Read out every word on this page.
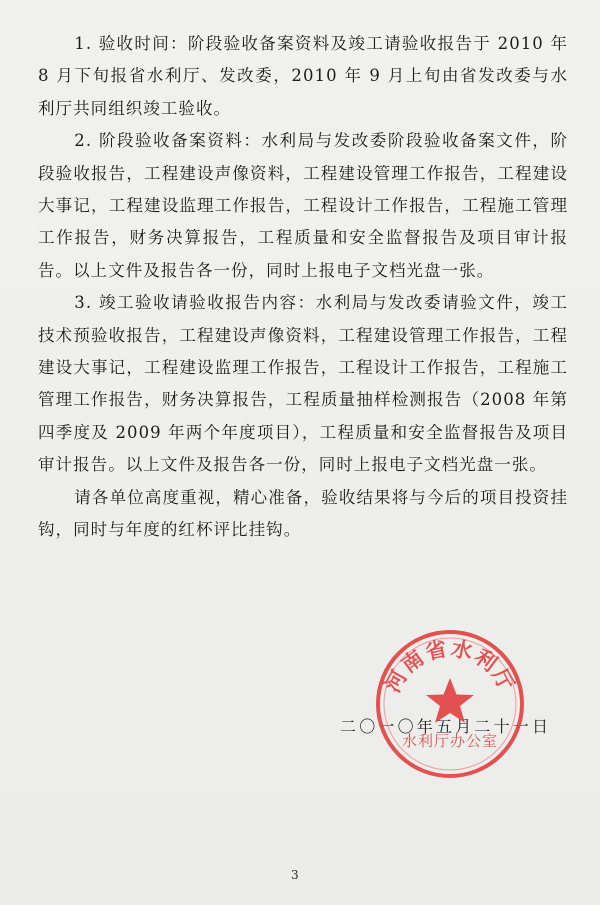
1. 验收时间：阶段验收备案资料及竣工请验收报告于 2010 年 8 月下旬报省水利厅、发改委，2010 年 9 月上旬由省发改委与水利厅共同组织竣工验收。

2. 阶段验收备案资料：水利局与发改委阶段验收备案文件，阶段验收报告，工程建设声像资料，工程建设管理工作报告，工程建设大事记，工程建设监理工作报告，工程设计工作报告，工程施工管理工作报告，财务决算报告，工程质量和安全监督报告及项目审计报告。以上文件及报告各一份，同时上报电子文档光盘一张。

3. 竣工验收请验收报告内容：水利局与发改委请验文件，竣工技术预验收报告，工程建设声像资料，工程建设管理工作报告，工程建设大事记，工程建设监理工作报告，工程设计工作报告，工程施工管理工作报告，财务决算报告，工程质量抽样检测报告（2008 年第四季度及 2009 年两个年度项目），工程质量和安全监督报告及项目审计报告。以上文件及报告各一份，同时上报电子文档光盘一张。

请各单位高度重视，精心准备，验收结果将与今后的项目投资挂钩，同时与年度的红杯评比挂钩。

二〇一〇年五月二十一日
河南省水利厅
水利厅办公室
3
